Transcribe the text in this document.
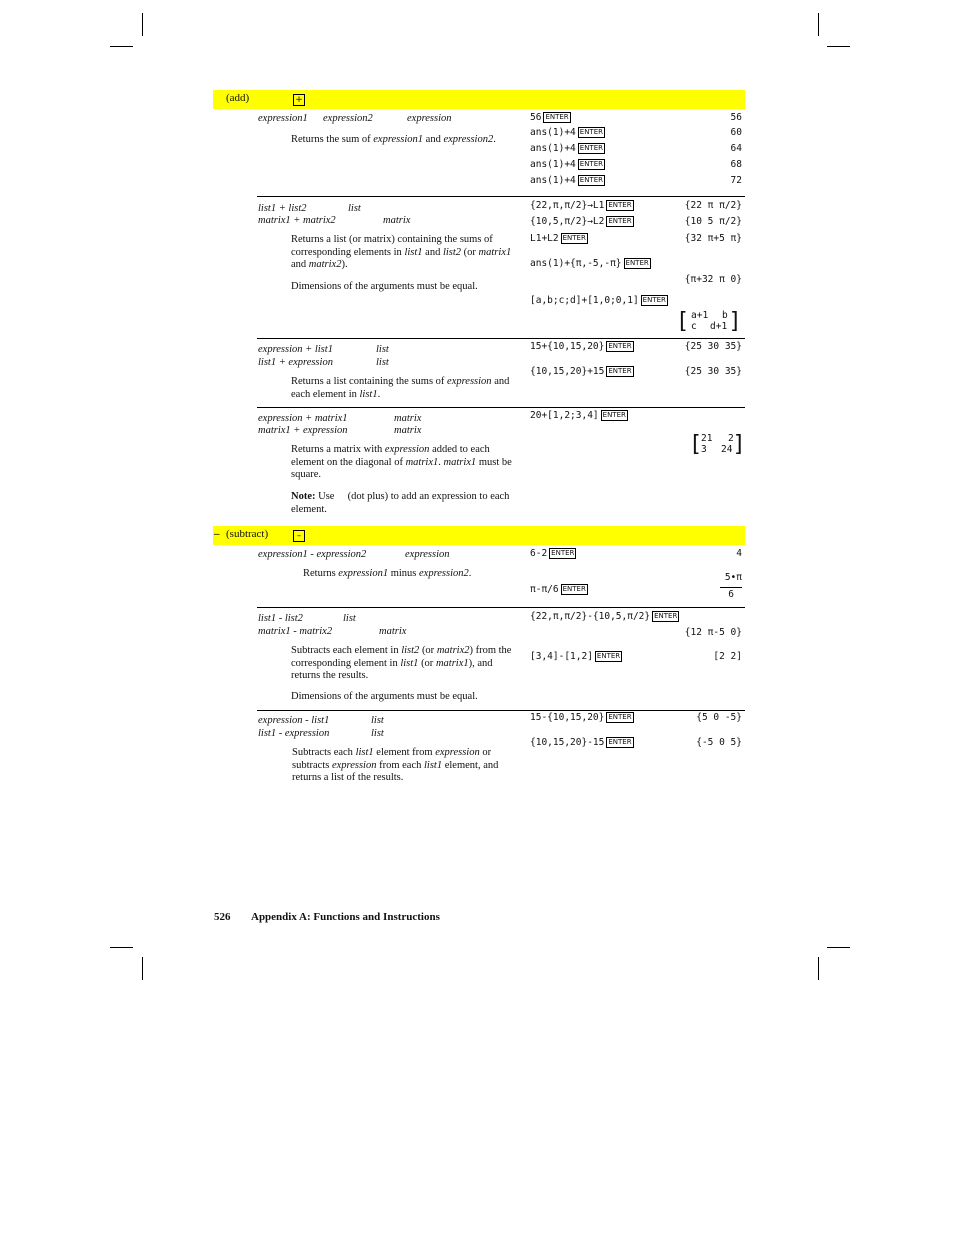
(add)	+
expression1 expression2	expression
Returns the sum of expression1 and expression2.
56 ENTER	56
ans(1)+4 ENTER	60
ans(1)+4 ENTER	64
ans(1)+4 ENTER	68
ans(1)+4 ENTER	72
list1 + list2	list
matrix1 + matrix2	matrix
Returns a list (or matrix) containing the sums of corresponding elements in list1 and list2 (or matrix1 and matrix2).
Dimensions of the arguments must be equal.
{22,π,π/2}→L1 ENTER	{22 π π/2}
{10,5,π/2}→L2 ENTER	{10 5 π/2}
L1+L2 ENTER	{32 π+5 π}
ans(1)+{π,-5,-π} ENTER
{π+32 π 0}
[a,b;c;d]+[1,0;0,1] ENTER
[ a+1 b
c d+1 ]
expression + list1	list
list1 + expression	list
Returns a list containing the sums of expression and each element in list1.
15+{10,15,20} ENTER	{25 30 35}
{10,15,20}+15 ENTER	{25 30 35}
expression + matrix1	matrix
matrix1 + expression	matrix
Returns a matrix with expression added to each element on the diagonal of matrix1. matrix1 must be square.
Note: Use (dot plus) to add an expression to each element.
20+[1,2;3,4] ENTER
[ 21 2
3 24 ]
– (subtract)	–
expression1 - expression2	expression
Returns expression1 minus expression2.
6-2 ENTER	4
π-π/6 ENTER
5•π
6
list1 - list2	list
matrix1 - matrix2	matrix
Subtracts each element in list2 (or matrix2) from the corresponding element in list1 (or matrix1), and returns the results.
Dimensions of the arguments must be equal.
{22,π,π/2}-{10,5,π/2} ENTER
{12 π-5 0}
[3,4]-[1,2] ENTER	[2 2]
expression - list1	list
list1 - expression	list
Subtracts each list1 element from expression or subtracts expression from each list1 element, and returns a list of the results.
15-{10,15,20} ENTER	{5 0 -5}
{10,15,20}-15 ENTER	{-5 0 5}
526 Appendix A: Functions and Instructions
